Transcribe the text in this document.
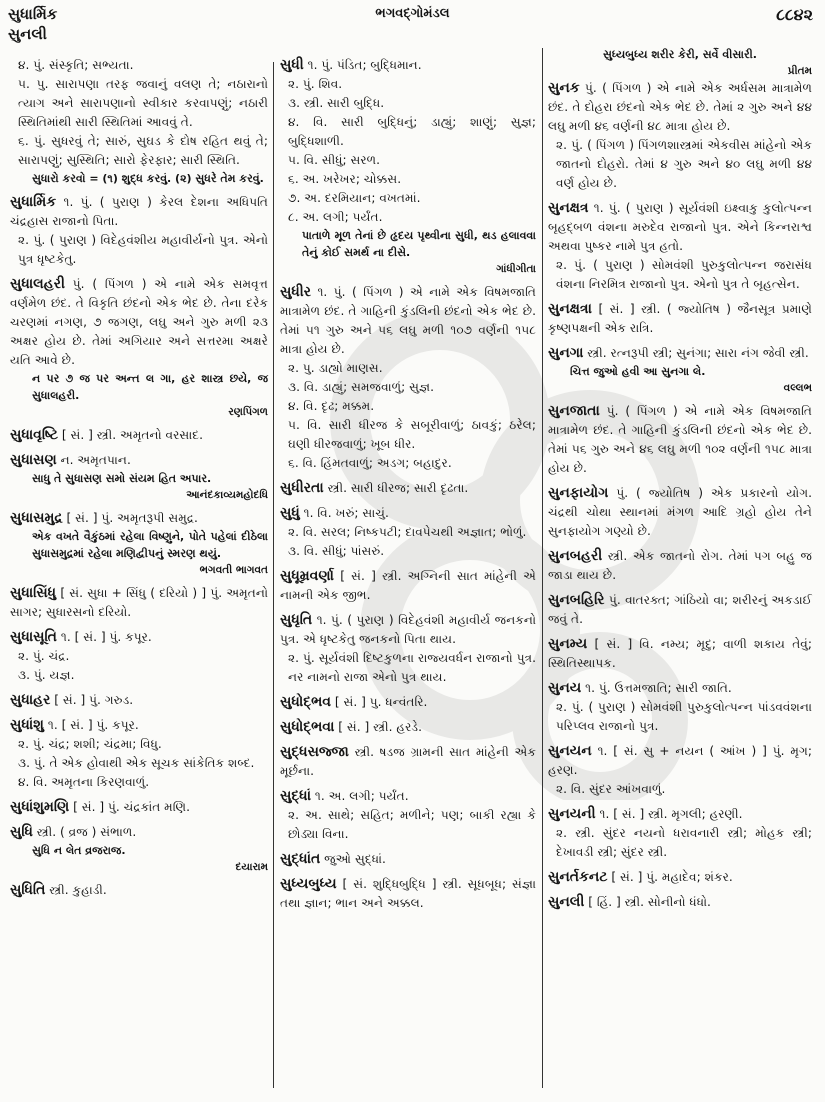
સુધાર્મિક
સુનલી
ભગવદ્‌ગોમંડલ	૮૮૪૨
૪. પું. સંસ્કૃતિ; સભ્યતા.
૫. પુ. સારાપણા તરફ જવાનું વલણ તે; નઠારાનો ત્યાગ અને સારાપણાનો સ્વીકાર કરવાપણું; નઠારી સ્થિતિમાંથી સારી સ્થિતિમાં આવવું તે.
૬. પું. સુધરવું તે; સારું, સુઘડ કે દોષ રહિત થવું તે; સારાપણું; સુસ્થિતિ; સારો ફેરફાર; સારી સ્થિતિ.
સુધારો કરવો = (૧) શુદ્ધ કરવું. (૨) સુધરે તેમ કરવું.
સુધાર્મિક ૧. પું. ( પુરાણ ) કેરલ દેશના અધિપતિ ચંદ્રહાસ રાજાનો પિતા.
૨. પું. ( પુરાણ ) વિદેહવંશીય મહાવીર્યનો પુત્ર. એનો પુત્ર ધૃષ્ટકેતુ.
સુધાલહરી પું. ( પિંગળ ) એ નામે એક સમવૃત્ત વર્ણમેળ છંદ. તે વિકૃતિ છંદનો એક ભેદ છે. તેના દરેક ચરણમાં નગણ, ૭ જગણ, લઘુ અને ગુરુ મળી ૨૩ અક્ષર હોય છે. તેમાં અગિયાર અને સત્તરમા અક્ષરે યતિ આવે છે.
ન પર ૭ જ પર અન્ત લ ગા, હર શાસ્ત્ર છયે, જ સુધાલહરી.
રણપિંગળ
સુધાવૃષ્ટિ [ સં. ] સ્ત્રી. અમૃતનો વરસાદ.
સુધાસણ ન. અમૃતપાન.
સાધુ તે સુધાસણ સમો સંયમ હિત અપાર.
આનંદકાવ્યમહોદધિ
સુધાસમુદ્ર [ સં. ] પું. અમૃતરૂપી સમુદ્ર.
એક વખતે વૈકુંઠમાં રહેલા વિષ્ણુને, પોતે પહેલાં દીઠેલા સુધાસમુદ્રમાં રહેલા મણિદ્વીપનું સ્મરણ થયું.
ભગવતી ભાગવત
સુધાસિંધુ [ સં. સુધા + સિંધુ ( દરિયો ) ] પું. અમૃતનો સાગર; સુધારસનો દરિયો.
સુધાસૂતિ ૧. [ સં. ] પું. કપૂર.
૨. પું. ચંદ્ર.
૩. પું. યજ્ઞ.
સુધાહર [ સં. ] પું. ગરુડ.
સુધાંશુ ૧. [ સં. ] પું. કપૂર.
૨. પું. ચંદ્ર; શશી; ચંદ્રમા; વિધુ.
૩. પું. તે એક હોવાથી એક સૂચક સાંકેતિક શબ્દ.
૪. વિ. અમૃતના કિરણવાળું.
સુધાંશુમણિ [ સં. ] પું. ચંદ્રકાંત મણિ.
સુધિ સ્ત્રી. ( વ્રજ ) સંભાળ.
સુધિ ન લેત વ્રજરાજ.
દયારામ
સુધિતિ સ્ત્રી. કુહાડી.
સુધી ૧. પું. પંડિત; બુદ્ધિમાન.
૨. પું. શિવ.
૩. સ્ત્રી. સારી બુદ્ધિ.
૪. વિ. સારી બુદ્ધિનું; ડાહ્યું; શાણું; સુજ્ઞ; બુદ્ધિશાળી.
૫. વિ. સીધું; સરળ.
૬. અ. ખરેખર; ચોક્કસ.
૭. અ. દરમિયાન; વખતમાં.
૮. અ. લગી; પર્યંત.
પાતાળે મૂળ તેનાં છે હૃદય પૃથ્વીના સુધી, થડ હલાવવા તેનું કોઈ સમર્થ ના દીસે.
ગાંધીગીતા
સુધીર ૧. પું. ( પિંગળ ) એ નામે એક વિષમજાતિ માત્રામેળ છંદ. તે ગાહિની કુંડલિની છંદનો એક ભેદ છે. તેમાં ૫૧ ગુરુ અને ૫૬ લઘુ મળી ૧૦૭ વર્ણની ૧૫૮ માત્રા હોય છે.
૨. પુ. ડાહ્યો માણસ.
૩. વિ. ડાહ્યું; સમજવાળું; સુજ્ઞ.
૪. વિ. દૃઢ; મક્કમ.
૫. વિ. સારી ધીરજ કે સબૂરીવાળું; ઠાવકું; ઠરેલ; ઘણી ધીરજવાળું; ખૂબ ધીર.
૬. વિ. હિંમતવાળું; અડગ; બહાદુર.
સુધીરતા સ્ત્રી. સારી ધીરજ; સારી દૃઢતા.
સુધું ૧. વિ. ખરું; સાચું.
૨. વિ. સરલ; નિષ્કપટી; દાવપેચથી અજ્ઞાત; ભોળું.
૩. વિ. સીધું; પાંસરું.
સુધૂમ્રવર્ણા [ સં. ] સ્ત્રી. અગ્નિની સાત માંહેની એ નામની એક જીભ.
સુધૃતિ ૧. પું. ( પુરાણ ) વિદેહવંશી મહાવીર્ય જનકનો પુત્ર. એ ધૃષ્ટકેતુ જનકનો પિતા થાય.
૨. પું. સૂર્યવંશી દિષ્ટકુળના રાજ્યવર્ધન રાજાનો પુત્ર. નર નામનો રાજા એનો પુત્ર થાય.
સુધોદ્‌ભવ [ સં. ] પુ. ધન્વંતરિ.
સુધોદ્‌ભવા [ સં. ] સ્ત્રી. હરડે.
સુદ્ધસજ્જા સ્ત્રી. ષડજ ગ્રામની સાત માંહેની એક મૂર્છના.
સુદ્ધાં ૧. અ. લગી; પર્યંત.
૨. અ. સાથે; સહિત; મળીને; પણ; બાકી રહ્યા કે છોડ્યા વિના.
સુદ્ધાંત જુઓ સુદ્ધાં.
સુધ્યબુધ્ય [ સં. શુદ્ધિબુદ્ધિ ] સ્ત્રી. સૂધબૂધ; સંજ્ઞા તથા જ્ઞાન; ભાન અને અક્કલ.
સુધ્યબુધ્ય શરીર કેરી, સર્વે વીસારી.
પ્રીતમ
સુનક પું. ( પિંગળ ) એ નામે એક અર્ધસમ માત્રામેળ છંદ. તે દોહરા છંદનો એક ભેદ છે. તેમાં ૨ ગુરુ અને ૪૪ લઘુ મળી ૪૬ વર્ણની ૪૮ માત્રા હોય છે.
૨. પું. ( પિંગળ ) પિંગળશાસ્ત્રમાં એકવીસ માંહેનો એક જાતનો દોહરો. તેમાં ૪ ગુરુ અને ૪૦ લઘુ મળી ૪૪ વર્ણ હોય છે.
સુનક્ષત્ર ૧. પું. ( પુરાણ ) સૂર્યવંશી ઇક્ષ્વાકુ કુલોત્પન્ન બૃહદ્‌બળ વંશના મરુદેવ રાજાનો પુત્ર. એને કિન્નરાશ્વ અથવા પુષ્કર નામે પુત્ર હતો.
૨. પું. ( પુરાણ ) સોમવંશી પુરુકુલોત્પન્ન જરાસંધ વંશના નિરમિત્ર રાજાનો પુત્ર. એનો પુત્ર તે બૃહત્સેન.
સુનક્ષત્રા [ સં. ] સ્ત્રી. ( જ્યોતિષ ) જૈનસૂત્ર પ્રમાણે કૃષ્ણપક્ષની એક રાત્રિ.
સુનગા સ્ત્રી. રત્નરૂપી સ્ત્રી; સુનંગા; સારા નંગ જેવી સ્ત્રી.
ચિત્ત જુઓ હવી આ સુનગા લે.
વલ્લભ
સુનજાતા પું. ( પિંગળ ) એ નામે એક વિષમજાતિ માત્રામેળ છંદ. તે ગાહિની કુંડલિની છંદનો એક ભેદ છે. તેમાં ૫૬ ગુરુ અને ૪૬ લઘુ મળી ૧૦૨ વર્ણની ૧૫૮ માત્રા હોય છે.
સુનફાયોગ પું. ( જ્યોતિષ ) એક પ્રકારનો યોગ. ચંદ્રથી ચોથા સ્થાનમાં મંગળ આદિ ગ્રહો હોય તેને સુનફાયોગ ગણ્યો છે.
સુનબહરી સ્ત્રી. એક જાતનો રોગ. તેમાં પગ બહુ જ જાડા થાય છે.
સુનબહિરિ પું. વાતરક્ત; ગાંઠિયો વા; શરીરનું અકડાઈ જવું તે.
સુનમ્ય [ સં. ] વિ. નમ્ય; મૃદુ; વાળી શકાય તેવું; સ્થિતિસ્થાપક.
સુનય ૧. પું. ઉત્તમજાતિ; સારી જાતિ.
૨. પું. ( પુરાણ ) સોમવંશી પુરુકુલોત્પન્ન પાંડવવંશના પરિપ્લવ રાજાનો પુત્ર.
સુનયન ૧. [ સં. સુ + નયન ( આંખ ) ] પું. મૃગ; હરણ.
૨. વિ. સુંદર આંખવાળું.
સુનયની ૧. [ સં. ] સ્ત્રી. મૃગલી; હરણી.
૨. સ્ત્રી. સુંદર નયનો ધરાવનારી સ્ત્રી; મોહક સ્ત્રી; દેખાવડી સ્ત્રી; સુંદર સ્ત્રી.
સુનર્તકનટ [ સં. ] પું. મહાદેવ; શંકર.
સુનલી [ હિં. ] સ્ત્રી. સોનીનો ધંધો.
